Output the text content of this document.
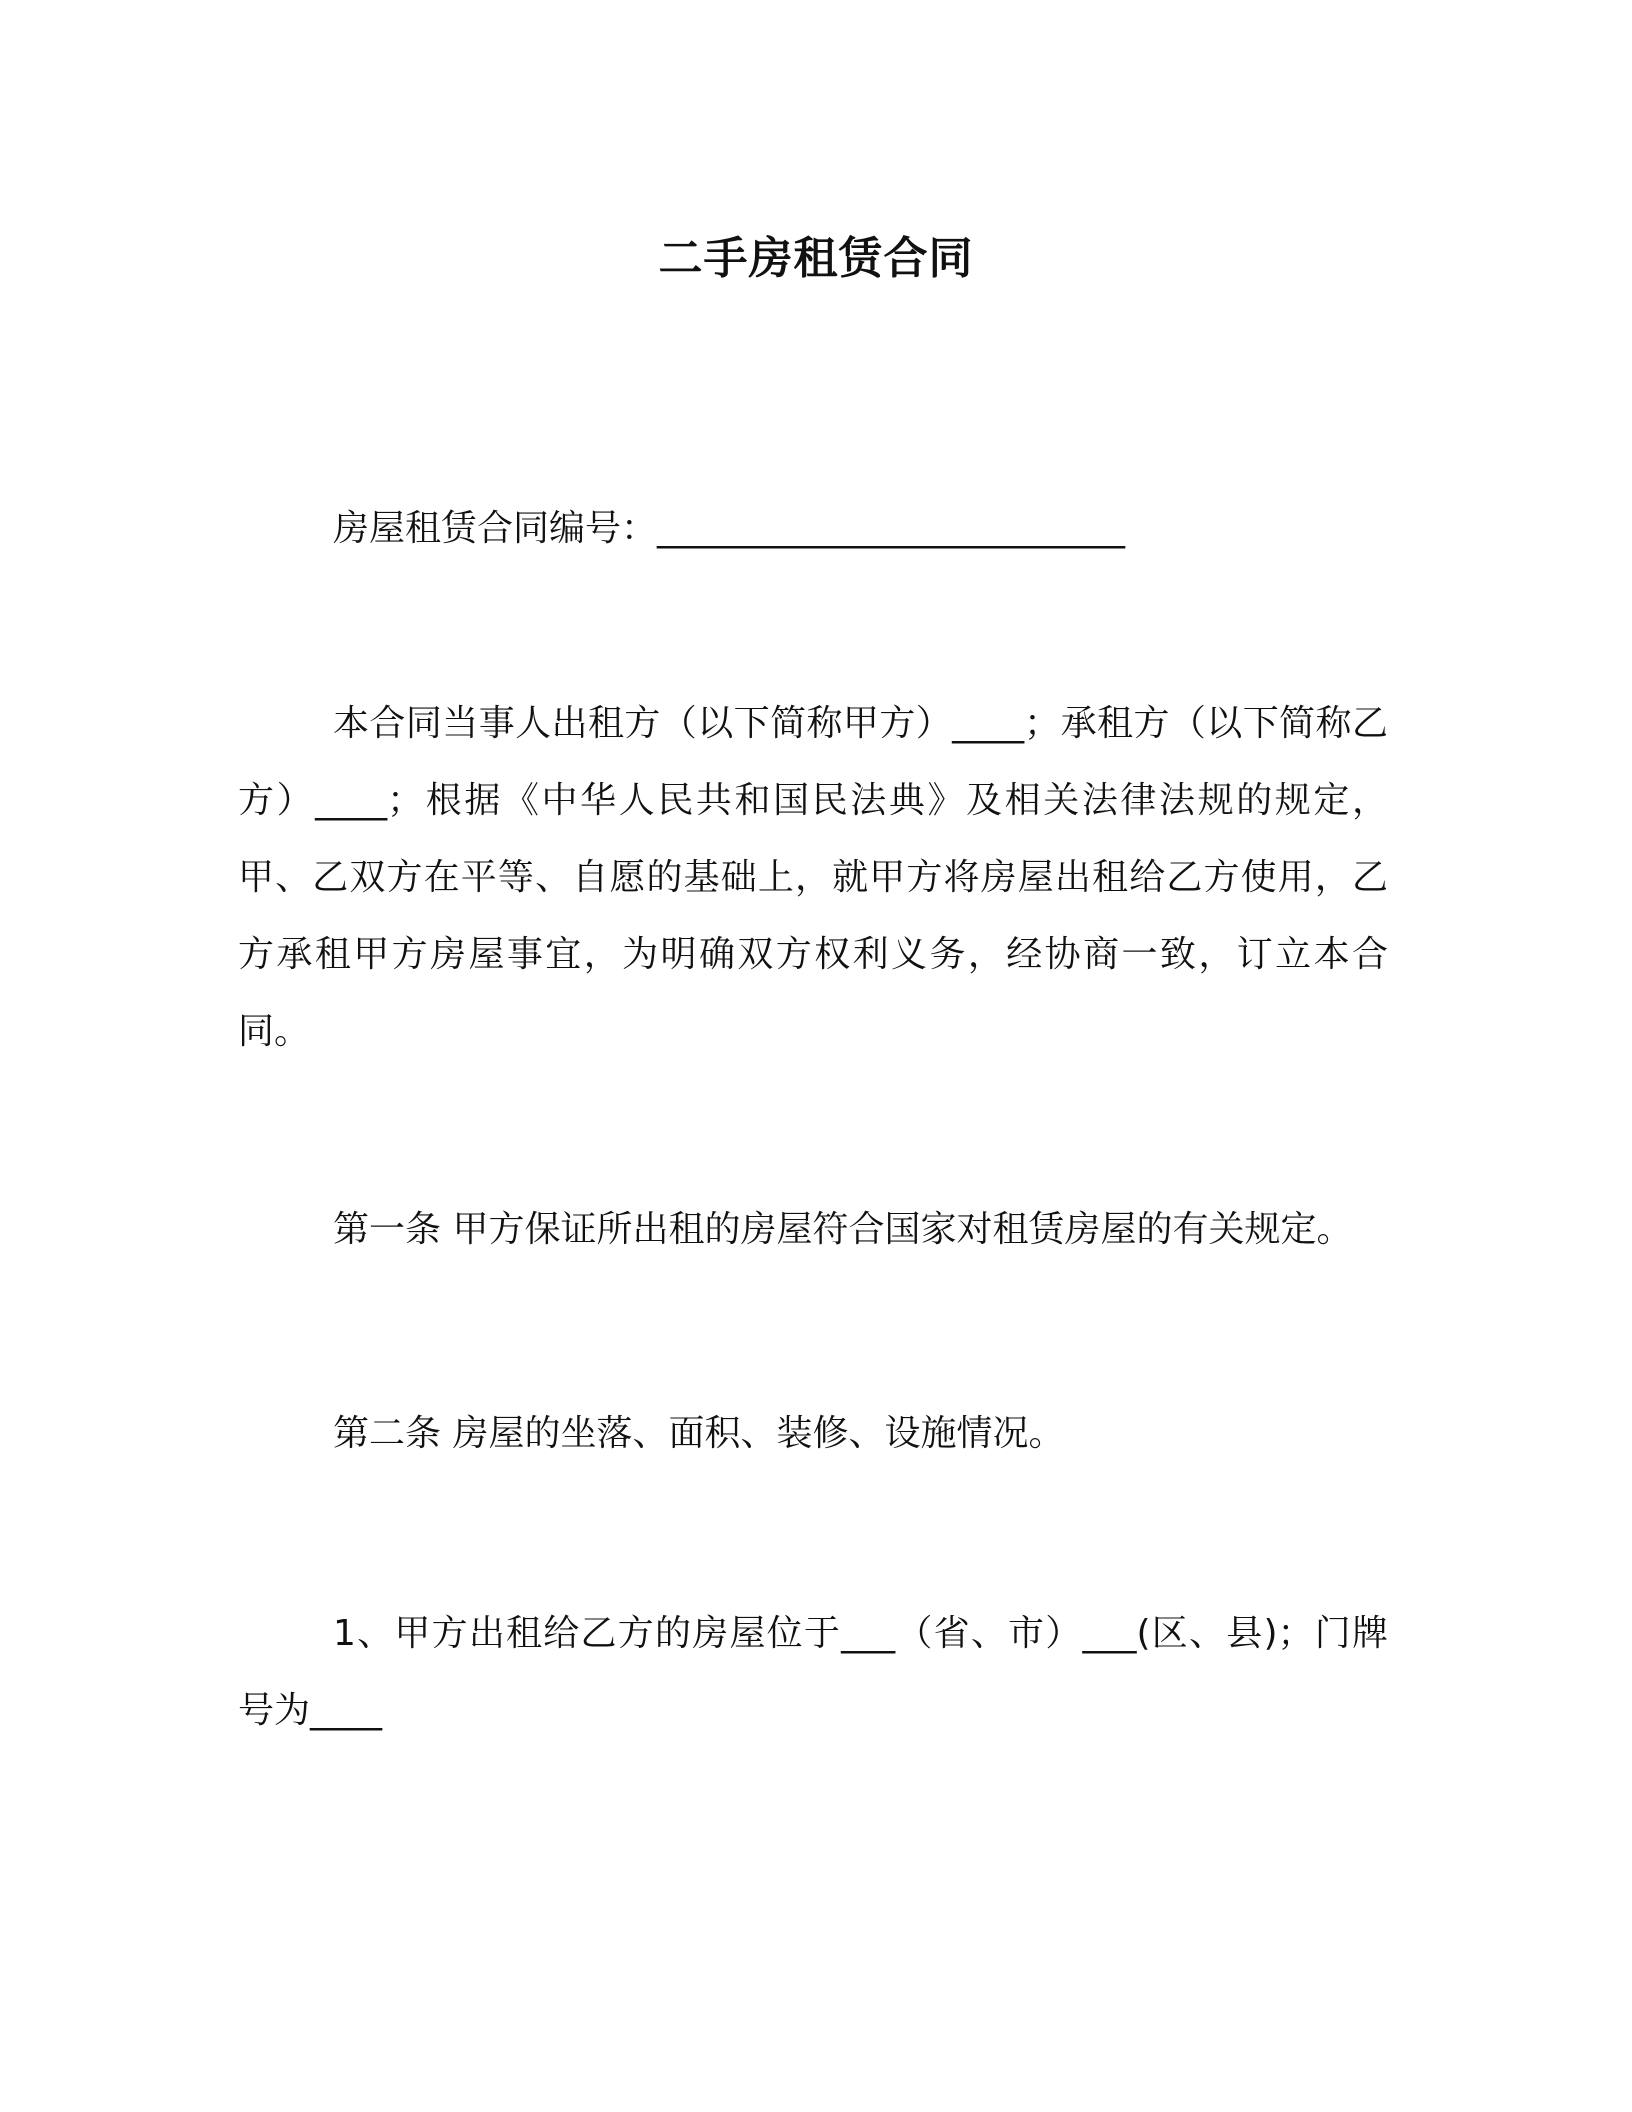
二手房租赁合同

房屋租赁合同编号：__________________________

本合同当事人出租方（以下简称甲方）____；承租方（以下简称乙方）____；根据《中华人民共和国民法典》及相关法律法规的规定，甲、乙双方在平等、自愿的基础上，就甲方将房屋出租给乙方使用，乙方承租甲方房屋事宜，为明确双方权利义务，经协商一致，订立本合同。

第一条 甲方保证所出租的房屋符合国家对租赁房屋的有关规定。

第二条 房屋的坐落、面积、装修、设施情况。

1、甲方出租给乙方的房屋位于___（省、市）___(区、县)；门牌号为____
